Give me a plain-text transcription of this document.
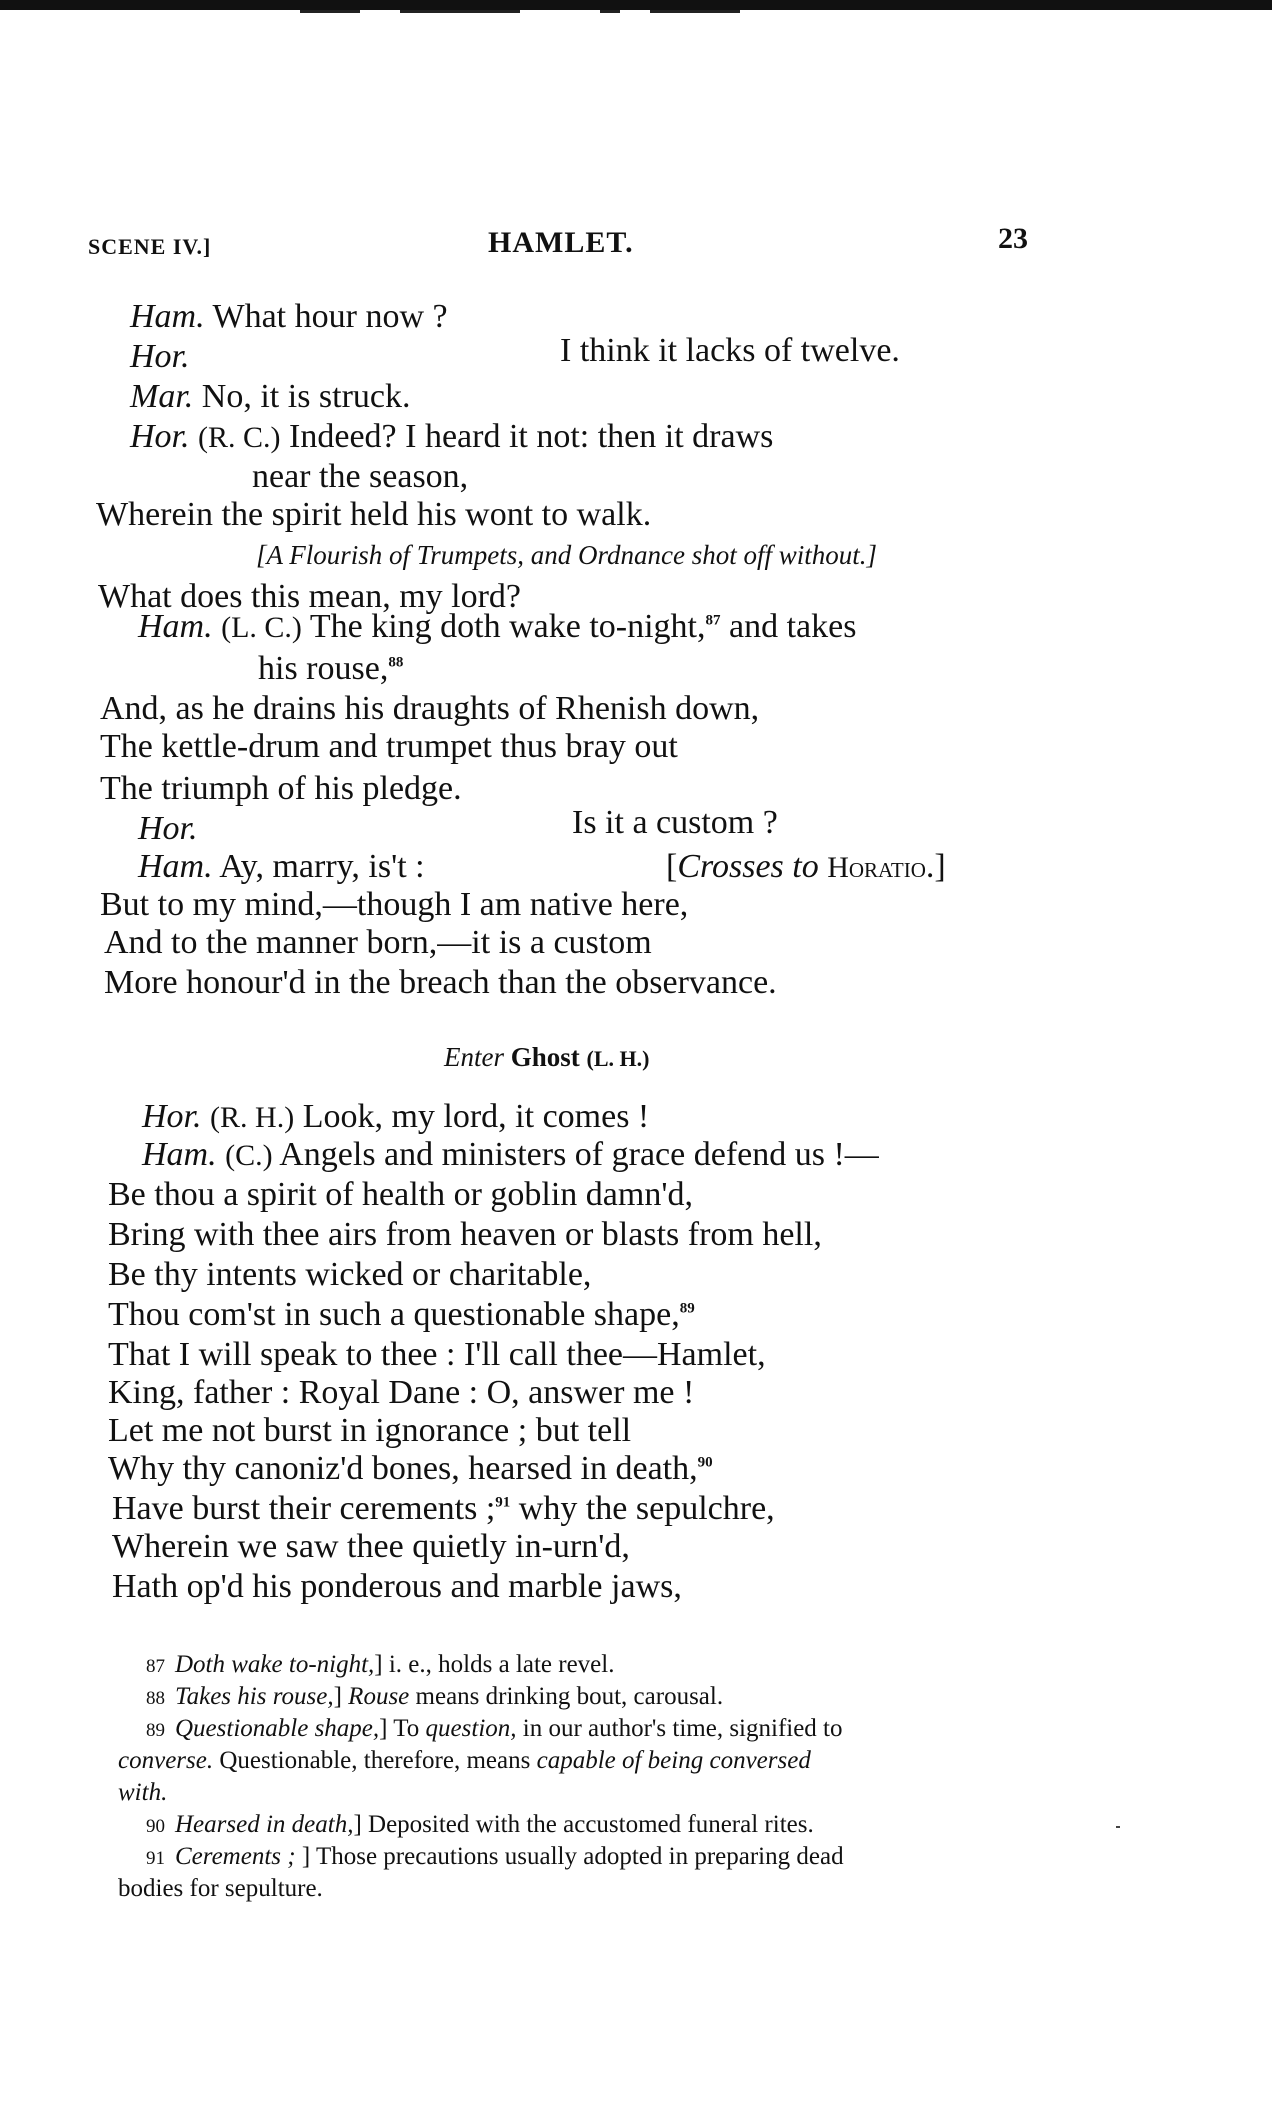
SCENE IV.]	HAMLET.	23
Ham. What hour now ?
Hor.	I think it lacks of twelve.
Mar. No, it is struck.
Hor. (R. C.) Indeed? I heard it not: then it draws
near the season,
Wherein the spirit held his wont to walk.
[A Flourish of Trumpets, and Ordnance shot off without.]
What does this mean, my lord?
Ham. (L. C.) The king doth wake to-night,$^{87}$ and takes
his rouse,$^{88}$
And, as he drains his draughts of Rhenish down,
The kettle-drum and trumpet thus bray out
The triumph of his pledge.
Hor.	Is it a custom ?
Ham. Ay, marry, is't :	[Crosses to Horatio.]
But to my mind,—though I am native here,
And to the manner born,—it is a custom
More honour'd in the breach than the observance.
Enter Ghost (L. H.)
Hor. (R. H.) Look, my lord, it comes !
Ham. (C.) Angels and ministers of grace defend us !—
Be thou a spirit of health or goblin damn'd,
Bring with thee airs from heaven or blasts from hell,
Be thy intents wicked or charitable,
Thou com'st in such a questionable shape,$^{89}$
That I will speak to thee : I'll call thee—Hamlet,
King, father : Royal Dane : O, answer me !
Let me not burst in ignorance ; but tell
Why thy canoniz'd bones, hearsed in death,$^{90}$
Have burst their cerements ;$^{91}$ why the sepulchre,
Wherein we saw thee quietly in-urn'd,
Hath op'd his ponderous and marble jaws,
87 Doth wake to-night,] i. e., holds a late revel.
88 Takes his rouse,] Rouse means drinking bout, carousal.
89 Questionable shape,] To question, in our author's time, signified to
converse. Questionable, therefore, means capable of being conversed
with.
90 Hearsed in death,] Deposited with the accustomed funeral rites.
91 Cerements ; ] Those precautions usually adopted in preparing dead
bodies for sepulture.
